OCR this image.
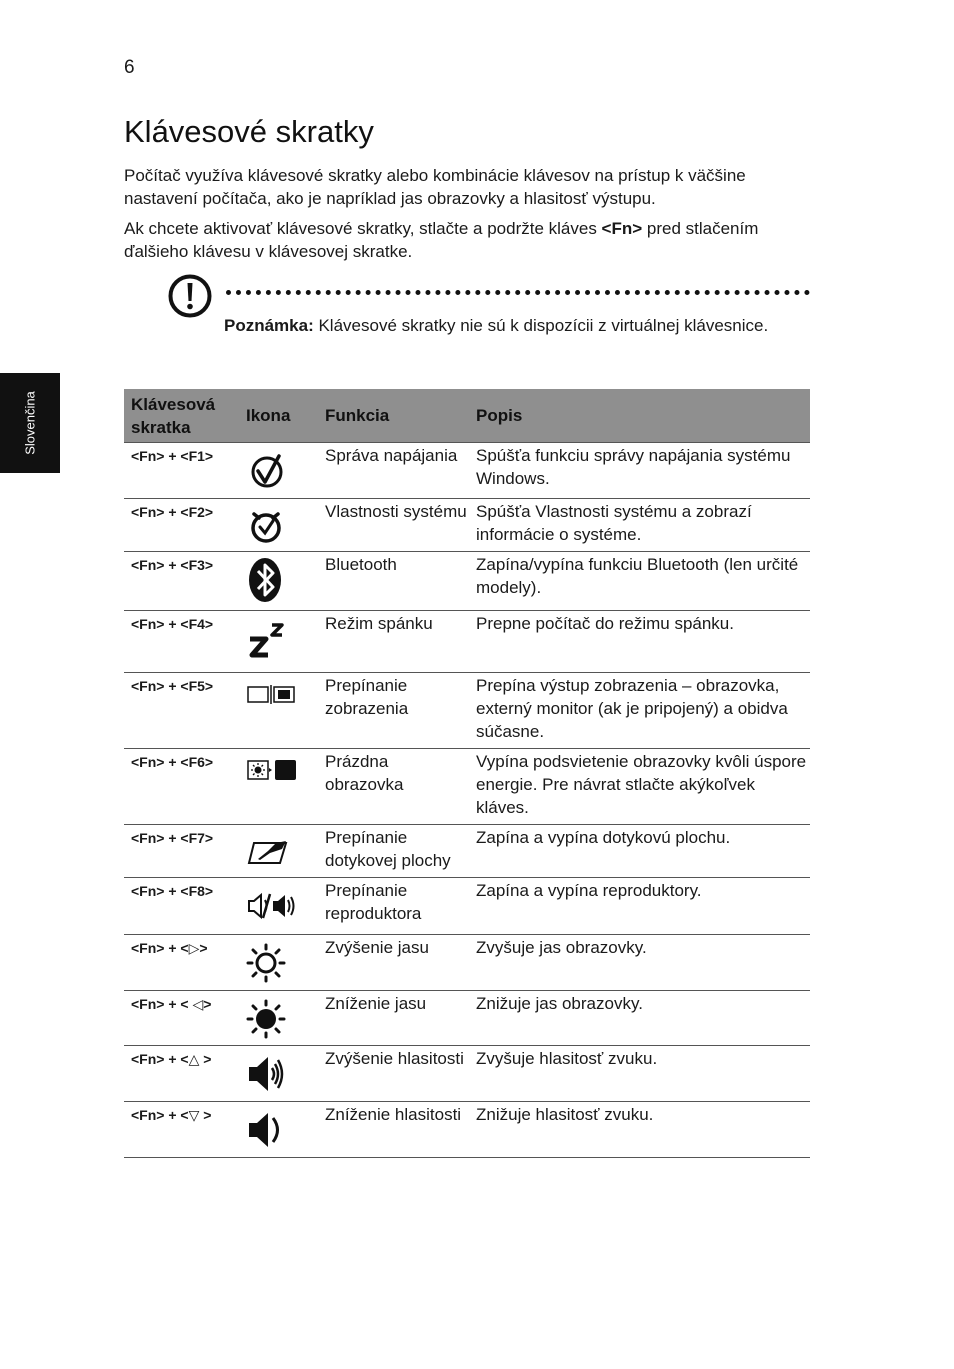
6
Slovenčina
Klávesové skratky

Počítač využíva klávesové skratky alebo kombinácie klávesov na prístup k väčšine nastavení počítača, ako je napríklad jas obrazovky a hlasitosť výstupu.

Ak chcete aktivovať klávesové skratky, stlačte a podržte kláves <Fn> pred stlačením ďalšieho klávesu v klávesovej skratke.

Poznámka: Klávesové skratky nie sú k dispozícii z virtuálnej klávesnice.

Klávesová skratka	Ikona	Funkcia	Popis
<Fn> + <F1>		Správa napájania	Spúšťa funkciu správy napájania systému Windows.
<Fn> + <F2>		Vlastnosti systému	Spúšťa Vlastnosti systému a zobrazí informácie o systéme.
<Fn> + <F3>		Bluetooth	Zapína/vypína funkciu Bluetooth (len určité modely).
<Fn> + <F4>		Režim spánku	Prepne počítač do režimu spánku.
<Fn> + <F5>		Prepínanie zobrazenia	Prepína výstup zobrazenia – obrazovka, externý monitor (ak je pripojený) a obidva súčasne.
<Fn> + <F6>		Prázdna obrazovka	Vypína podsvietenie obrazovky kvôli úspore energie. Pre návrat stlačte akýkoľvek kláves.
<Fn> + <F7>		Prepínanie dotykovej plochy	Zapína a vypína dotykovú plochu.
<Fn> + <F8>		Prepínanie reproduktora	Zapína a vypína reproduktory.
<Fn> + <▷>		Zvýšenie jasu	Zvyšuje jas obrazovky.
<Fn> + < ◁>		Zníženie jasu	Znižuje jas obrazovky.
<Fn> + <△ >		Zvýšenie hlasitosti	Zvyšuje hlasitosť zvuku.
<Fn> + <▽ >		Zníženie hlasitosti	Znižuje hlasitosť zvuku.
